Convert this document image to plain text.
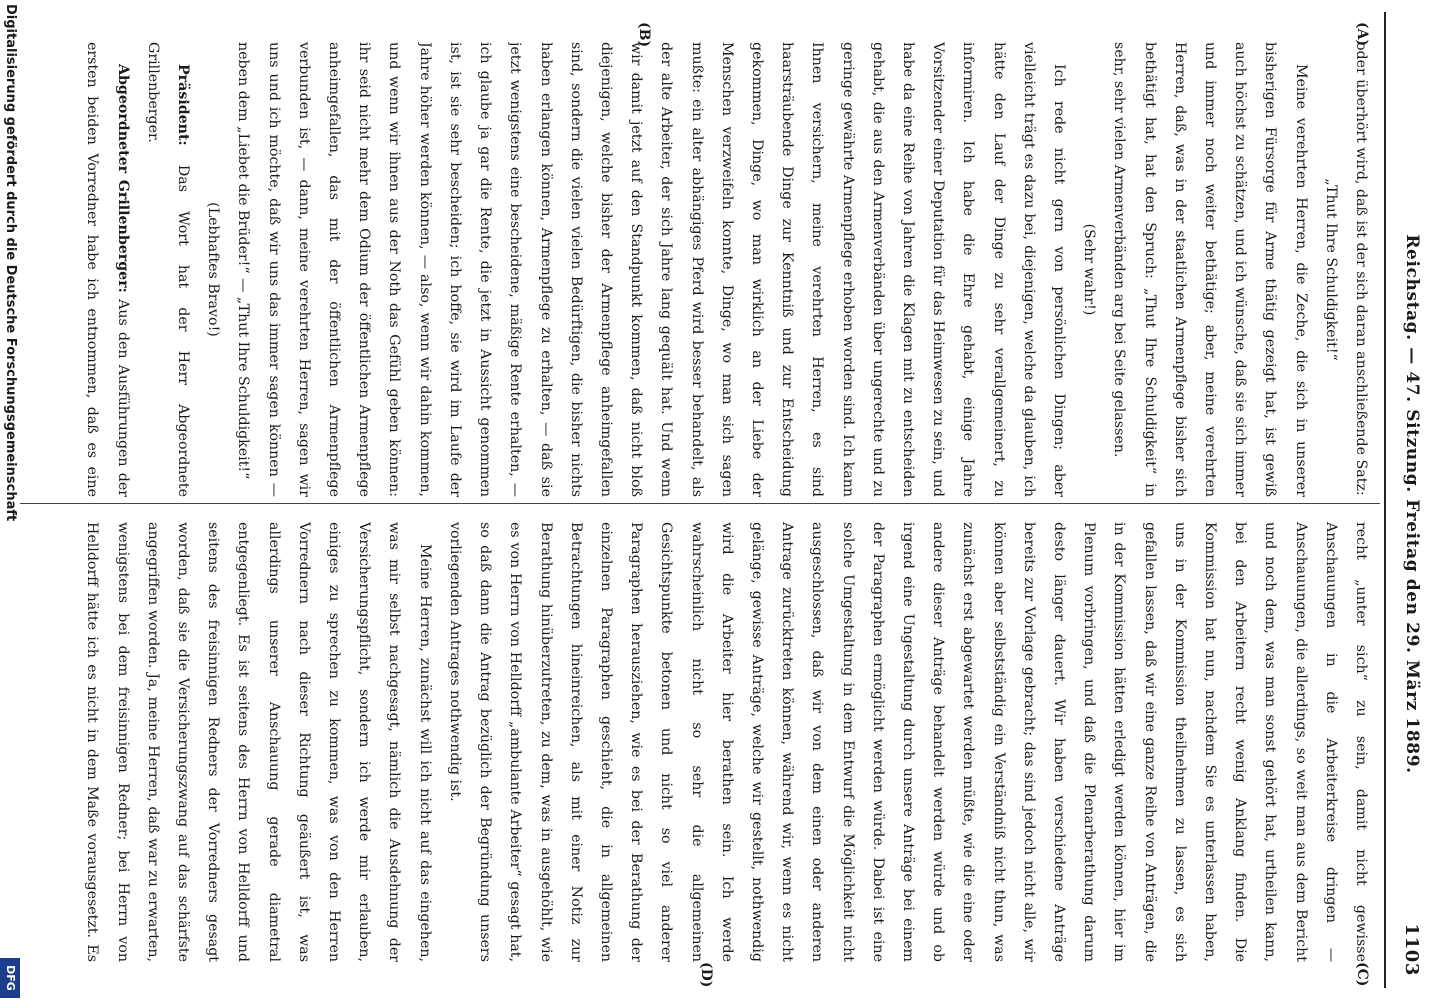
Reichstag. — 47. Sitzung. Freitag den 29. März 1889.
1103
(A)
(B)
(C)
(D)

oder überhört wird, daß ist der sich daran anschließende Satz:

„Thut Ihre Schuldigkeit!“

Meine verehrten Herren, die Zeche, die sich in unserer bisherigen Fürsorge für Arme thätig gezeigt hat, ist gewiß auch höchst zu schätzen, und ich wünsche, daß sie sich immer und immer noch weiter bethätige; aber, meine verehrten Herren, daß, was in der staatlichen Armenpflege bisher sich bethätigt hat, hat den Spruch: „Thut Ihre Schuldigkeit“ in sehr, sehr vielen Armenverbänden arg bei Seite gelassen.

(Sehr wahr!)

Ich rede nicht gern von persönlichen Dingen; aber vielleicht trägt es dazu bei, diejenigen, welche da glauben, ich hätte den Lauf der Dinge zu sehr verallgemeinert, zu informiren. Ich habe die Ehre gehabt, einige Jahre Vorsitzender einer Deputation für das Heimwesen zu sein, und habe da eine Reihe von Jahren die Klagen mit zu entscheiden gehabt, die aus den Armenverbänden über ungerechte und zu geringe gewährte Armenpflege erhoben worden sind. Ich kann Ihnen versichern, meine verehrten Herren, es sind haarsträubende Dinge zur Kenntniß und zur Entscheidung gekommen, Dinge, wo man wirklich an der Liebe der Menschen verzweifeln konnte, Dinge, wo man sich sagen mußte: ein alter abhängiges Pferd wird besser behandelt, als der alte Arbeiter, der sich Jahre lang gequält hat. Und wenn wir damit jetzt auf den Standpunkt kommen, daß nicht bloß diejenigen, welche bisher der Armenpflege anheimgefallen sind, sondern die vielen vielen Bedürftigen, die bisher nichts haben erlangen können, Armenpflege zu erhalten, — daß sie jetzt wenigstens eine bescheidene, mäßige Rente erhalten, — ich glaube ja gar die Rente, die jetzt in Aussicht genommen ist, ist sie sehr bescheiden; ich hoffe, sie wird im Laufe der Jahre höher werden können, — also, wenn wir dahin kommen, und wenn wir ihnen aus der Noth das Gefühl geben können: ihr seid nicht mehr dem Odium der öffentlichen Armenpflege anheimgefallen, das mit der öffentlichen Armenpflege verbunden ist, — dann, meine verehrten Herren, sagen wir uns und ich möchte, daß wir uns das immer sagen können — neben dem „Liebet die Brüder!“ — „Thut Ihre Schuldigkeit!“

(Lebhaftes Bravo!)

Präsident: Das Wort hat der Herr Abgeordnete Grillenberger.

Abgeordneter Grillenberger: Aus den Ausführungen der ersten beiden Vorredner habe ich entnommen, daß es eine

recht „unter sich“ zu sein, damit nicht gewisse Anschauungen in die Arbeiterkreise dringen — Anschauungen, die allerdings, so weit man aus dem Bericht und noch dem, was man sonst gehört hat, urtheilen kann, bei den Arbeitern recht wenig Anklang finden. Die Kommission hat nun, nachdem Sie es unterlassen haben, uns in der Kommission theilnehmen zu lassen, es sich gefallen lassen, daß wir eine ganze Reihe von Anträgen, die in der Kommission hätten erledigt werden können, hier im Plenum vorbringen, und daß die Plenarberathung darum desto länger dauert. Wir haben verschiedene Anträge bereits zur Vorlage gebracht; das sind jedoch nicht alle, wir können aber selbstständig ein Verständniß nicht thun, was zunächst erst abgewartet werden müßte, wie die eine oder andere dieser Anträge behandelt werden würde und ob irgend eine Ungestaltung durch unsere Anträge bei einem der Paragraphen ermöglicht werden würde. Dabei ist eine solche Umgestaltung in dem Entwurf die Möglichkeit nicht ausgeschlossen, daß wir von dem einen oder anderen Antrage zurücktreten können, während wir, wenn es nicht gelänge, gewisse Anträge, welche wir gestellt, nothwendig wird die Arbeiter hier berathen sein. Ich werde wahrscheinlich nicht so sehr die allgemeinen Gesichtspunkte betonen und nicht so viel anderer Paragraphen herausziehen, wie es bei der Berathung der einzelnen Paragraphen geschieht, die in allgemeinen Betrachtungen hineinreichen, als mit einer Notiz zur Berathung hinüberzutreten, zu dem, was in ausgehöhlt, wie es von Herrn von Helldorff „ambulante Arbeiter“ gesagt hat, so daß dann die Antrag bezüglich der Begründung unsers vorliegenden Antrages nothwendig ist.

Meine Herren, zunächst will ich nicht auf das eingehen, was mir selbst nachgesagt, nämlich die Ausdehnung der Versicherungspflicht, sondern ich werde mir erlauben, einiges zu sprechen zu kommen, was von den Herren Vorrednern nach dieser Richtung geäußert ist, was allerdings unserer Anschauung gerade diametral entgegenliegt. Es ist seitens des Herrn von Helldorff und seitens des freisinnigen Redners der Vorredners gesagt worden, daß sie die Versicherungszwang auf das schärfste angegriffen worden. Ja, meine Herren, daß war zu erwarten, wenigstens bei dem freisinnigen Redner; bei Herrn von Helldorff hätte ich es nicht in dem Maße vorausgesetzt. Es

Digitalisierung gefördert durch die Deutsche Forschungsgemeinschaft
DFG
